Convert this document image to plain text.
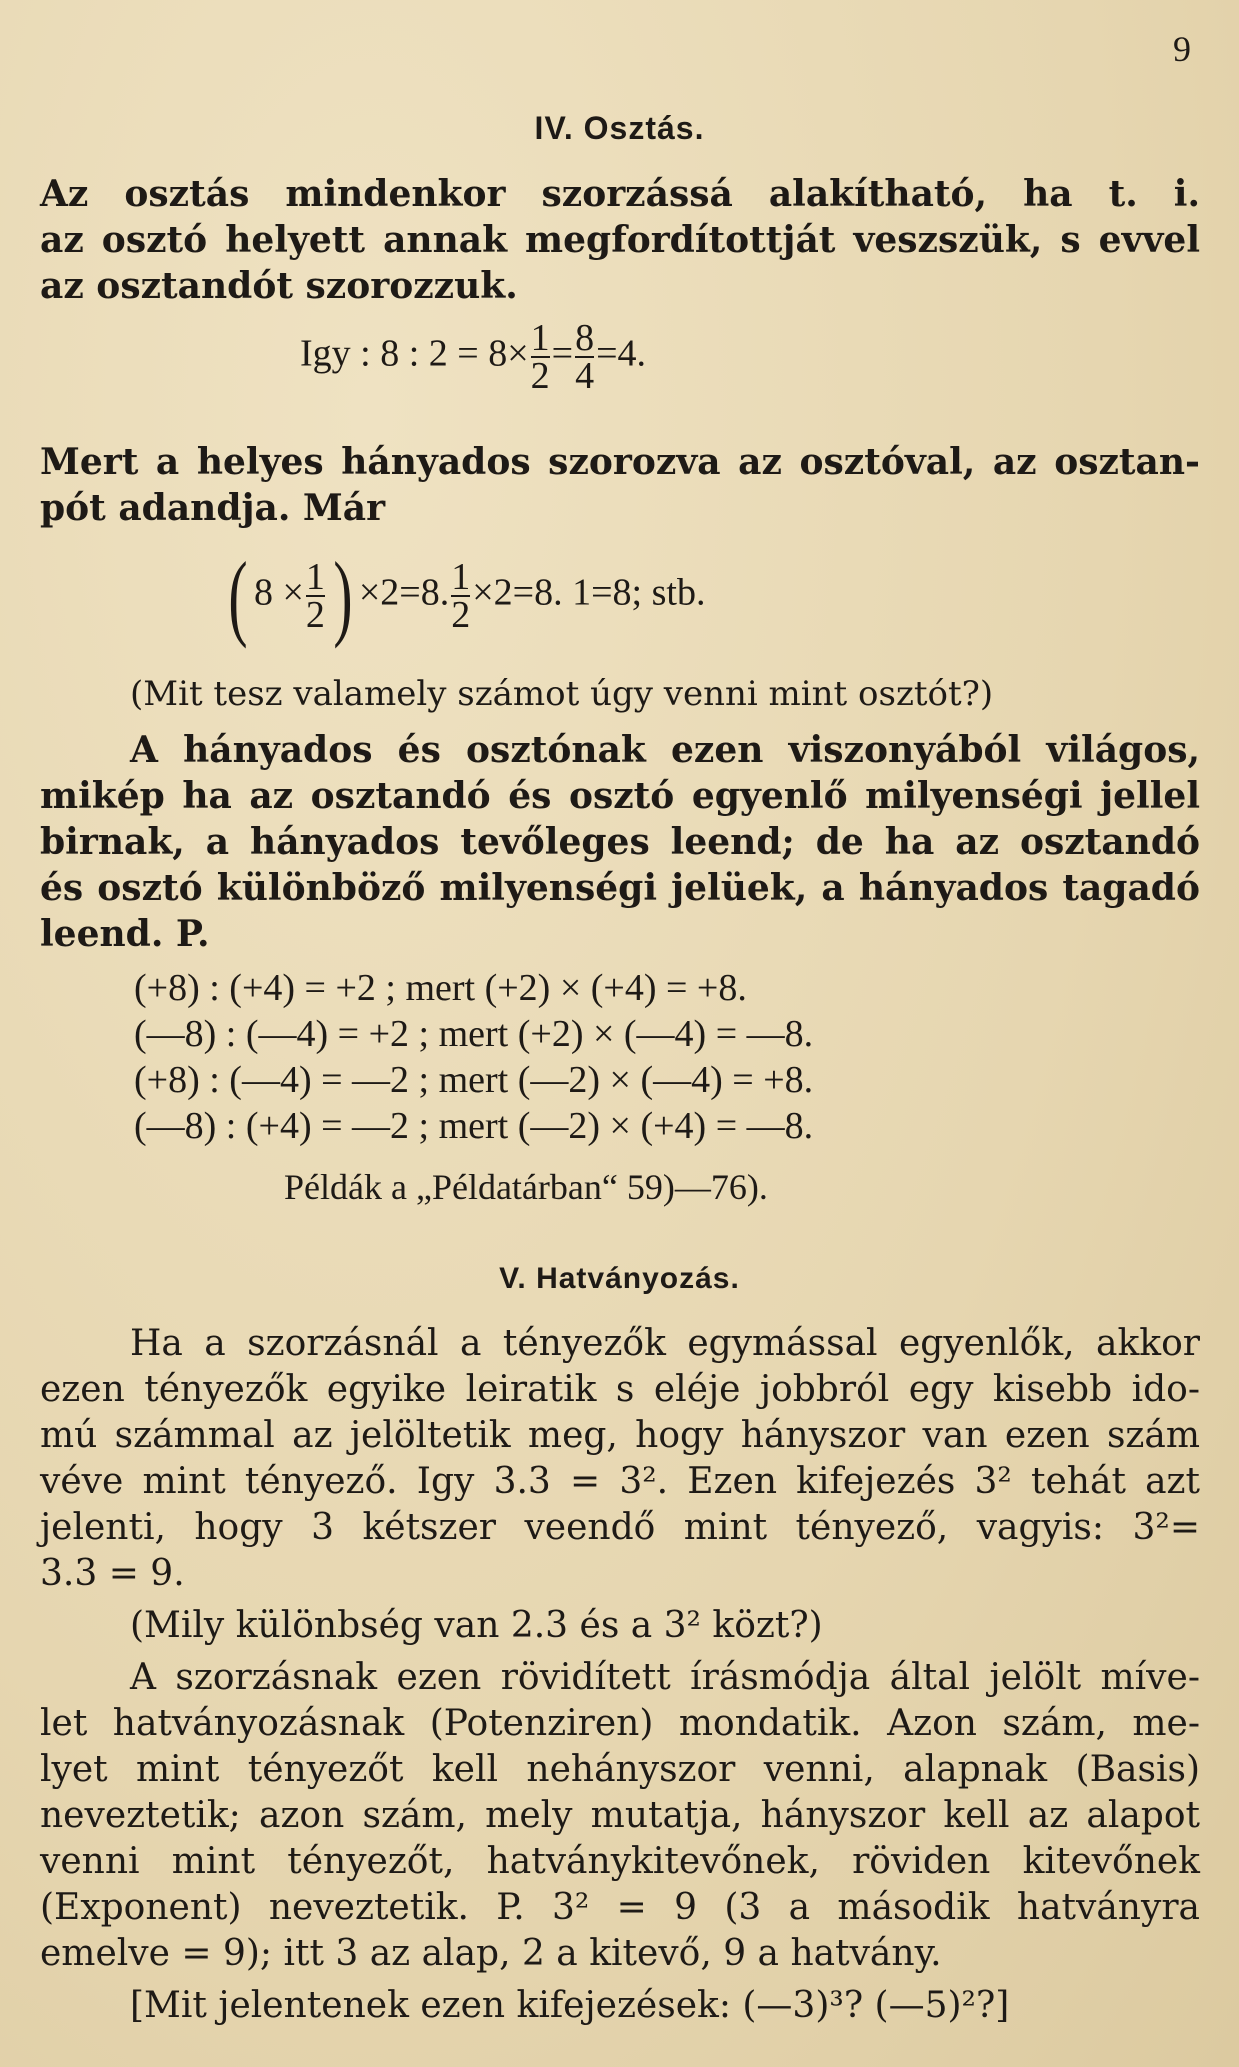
9
IV. Osztás.
Az osztás mindenkor szorzássá alakítható, ha t. i.
az osztó helyett annak megfordítottját veszszük, s evvel
az osztandót szorozzuk.
Igy : 8 : $2 = 8\times \frac{1}{2} = \frac{8}{4} =4$.
Mert a helyes hányados szorozva az osztóval, az osztan-
pót adandja. Már
( $8 \times \frac{1}{2}$ ) ×2=8. $\frac{1}{2} \times 2=8$. 1=8; stb.
(Mit tesz valamely számot úgy venni mint osztót?)
A hányados és osztónak ezen viszonyából világos,
mikép ha az osztandó és osztó egyenlő milyenségi jellel
birnak, a hányados tevőleges leend; de ha az osztandó
és osztó különböző milyenségi jelüek, a hányados tagadó
leend. P.
(+8) : (+4) = +2 ; mert (+2) × (+4) = +8.
(—8) : (—4) = +2 ; mert (+2) × (—4) = —8.
(+8) : (—4) = —2 ; mert (—2) × (—4) = +8.
(—8) : (+4) = —2 ; mert (—2) × (+4) = —8.
Példák a „Példatárban“ 59)—76).
V. Hatványozás.
Ha a szorzásnál a tényezők egymással egyenlők, akkor
ezen tényezők egyike leiratik s eléje jobbról egy kisebb ido-
mú számmal az jelöltetik meg, hogy hányszor van ezen szám
véve mint tényező. Igy 3.3 = 3². Ezen kifejezés 3² tehát azt
jelenti, hogy 3 kétszer veendő mint tényező, vagyis: 3²=
3.3 = 9.
(Mily különbség van 2.3 és a 3² közt?)
A szorzásnak ezen rövidített írásmódja által jelölt míve-
let hatványozásnak (Potenziren) mondatik. Azon szám, me-
lyet mint tényezőt kell nehányszor venni, alapnak (Basis)
neveztetik; azon szám, mely mutatja, hányszor kell az alapot
venni mint tényezőt, hatványkitevőnek, röviden kitevőnek
(Exponent) neveztetik. P. 3² = 9 (3 a második hatványra
emelve = 9); itt 3 az alap, 2 a kitevő, 9 a hatvány.
[Mit jelentenek ezen kifejezések: (—3)³? (—5)²?]
